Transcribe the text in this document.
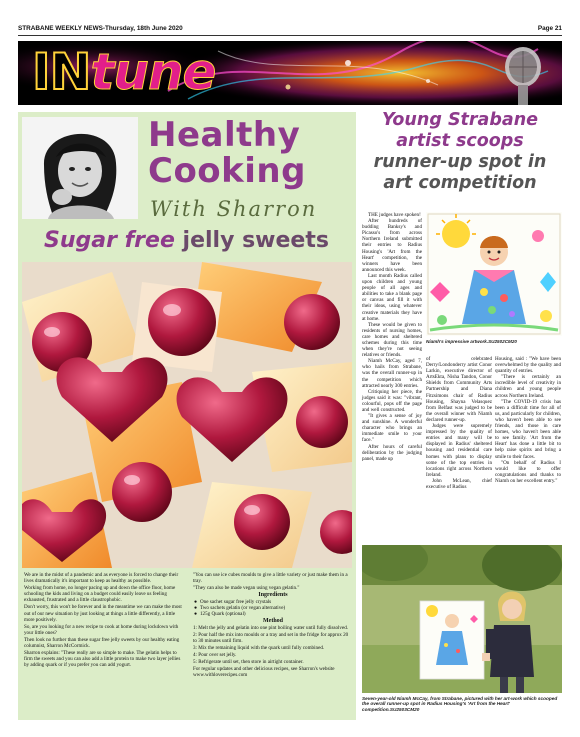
STRABANE WEEKLY NEWS-Thursday, 18th June 2020	Page 21
INtune
Healthy
Cooking
With Sharron
Sugar free jelly sweets

We are in the midst of a pandemic and as everyone is forced to change their lives dramatically it's important to keep as healthy as possible.

Working from home, no longer pacing up and down the office floor, home schooling the kids and living on a budget could easily leave us feeling exhausted, frustrated and a little claustrophobic.

Don't worry, this won't be forever and in the meantime we can make the most out of our new situation by just looking at things a little differently, a little more positively.

So, are you looking for a new recipe to cook at home during lockdown with your little ones?

Then look no further than these sugar free jelly sweets by our healthy eating columnist, Sharron McCormick.

Sharron explains: "These really are so simple to make. The gelatin helps to firm the sweets and you can also add a little protein to make two layer jellies by adding quark or if you prefer you can add yogurt.

"You can use ice cubes moulds to give a little variety or just make them in a tray.

"They can also be made vegan using vegan gelatin."

Ingredients
● One sachet sugar free jelly crystals
● Two sachets gelatin (or vegan alternative)
● 125g Quark (optional)
Method

1: Melt the jelly and gelatin into one pint boiling water until fully dissolved.

2: Pour half the mix into moulds or a tray and set in the fridge for approx 20 to 30 minutes until firm.

3: Mix the remaining liquid with the quark until fully combined.

4: Pour over set jelly.

5: Refrigerate until set, then store in airtight container.

For regular updates and other delicious recipes, see Sharron's website www.withloverecipes.com

Young Strabane
artist scoops
runner-up spot in
art competition

THE judges have spoken!

After hundreds of budding Banksy's and Picasso's from across Northern Ireland submitted their entries to Radius Housing's 'Art from the Heart' competition, the winners have been announced this week.

Last month Radius called upon children and young people of all ages and abilities to take a blank page or canvas and fill it with their ideas, using whatever creative materials they have at home.

These would be given to residents of nursing homes, care homes and sheltered schemes during this time when they're not seeing relatives or friends.

Niamh McCay, aged 7, who hails from Strabane, was the overall runner-up in the competition which attracted nearly 300 entries.

Critiquing her piece, the judges said it was: "vibrant, colourful, pops off the page and well constructed.

"It gives a sense of joy and sunshine. A wonderful character who brings an immediate smile to your face."

After hours of careful deliberation by the judging panel, made up

Niamh's impressive artwork.SU2502CM20

of celebrated Derry/Londonderry artist Conor Larkin, executive director of ArtsEkta, Nisha Tandon, Conor Shields from Community Arts Partnership and Diana Fitzsimons chair of Radius Housing, Shayna Velasquez from Belfast was judged to be the overall winner with Niamh declared runner-up.

Judges were supremely impressed by the quality of entries and many will be displayed in Radius' sheltered housing and residential care homes with plans to display some of the top entries in locations right across Northern Ireland.

John McLean, chief executive of Radius

Housing, said : "We have been overwhelmed by the quality and quantity of entries.

"There is certainly an incredible level of creativity in children and young people across Northern Ireland.

"The COVID-19 crisis has been a difficult time for all of us, and particularly for children, who haven't been able to see friends, and those in care homes, who haven't been able to see family. 'Art from the Heart' has done a little bit to help raise spirits and bring a smile to their faces.

"On behalf of Radius I would like to offer congratulations and thanks to Niamh on her excellent entry."

Seven-year-old Niamh McCay, from Strabane, pictured with her art-work which scooped the overall runner-up spot in Radius Housing's 'Art from the Heart' competition.SU2503CM20
